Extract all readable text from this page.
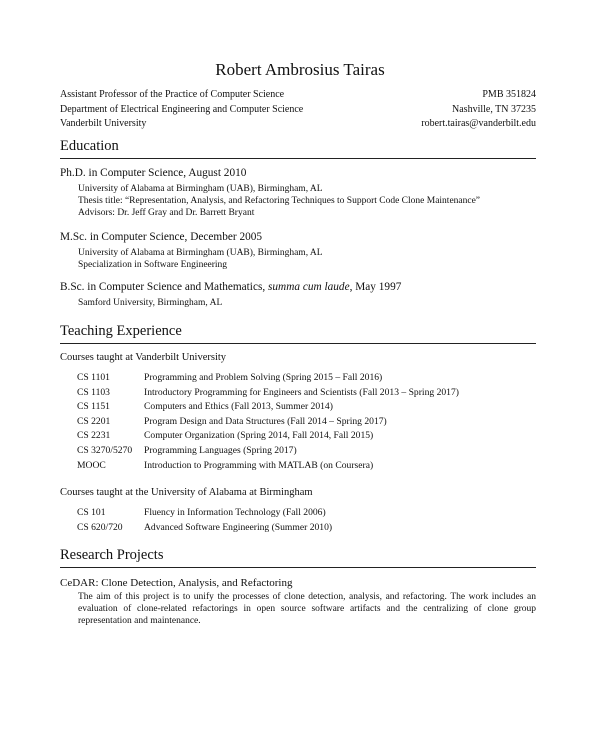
Robert Ambrosius Tairas
Assistant Professor of the Practice of Computer Science
Department of Electrical Engineering and Computer Science
Vanderbilt University
PMB 351824
Nashville, TN 37235
robert.tairas@vanderbilt.edu
Education
Ph.D. in Computer Science, August 2010
University of Alabama at Birmingham (UAB), Birmingham, AL
Thesis title: “Representation, Analysis, and Refactoring Techniques to Support Code Clone Maintenance”
Advisors: Dr. Jeff Gray and Dr. Barrett Bryant
M.Sc. in Computer Science, December 2005
University of Alabama at Birmingham (UAB), Birmingham, AL
Specialization in Software Engineering
B.Sc. in Computer Science and Mathematics, summa cum laude, May 1997
Samford University, Birmingham, AL
Teaching Experience
Courses taught at Vanderbilt University
CS 1101	Programming and Problem Solving (Spring 2015 – Fall 2016)
CS 1103	Introductory Programming for Engineers and Scientists (Fall 2013 – Spring 2017)
CS 1151	Computers and Ethics (Fall 2013, Summer 2014)
CS 2201	Program Design and Data Structures (Fall 2014 – Spring 2017)
CS 2231	Computer Organization (Spring 2014, Fall 2014, Fall 2015)
CS 3270/5270	Programming Languages (Spring 2017)
MOOC	Introduction to Programming with MATLAB (on Coursera)
Courses taught at the University of Alabama at Birmingham
CS 101	Fluency in Information Technology (Fall 2006)
CS 620/720	Advanced Software Engineering (Summer 2010)
Research Projects
CeDAR: Clone Detection, Analysis, and Refactoring
The aim of this project is to unify the processes of clone detection, analysis, and refactoring. The work includes an evaluation of clone-related refactorings in open source software artifacts and the centralizing of clone group representation and maintenance.
